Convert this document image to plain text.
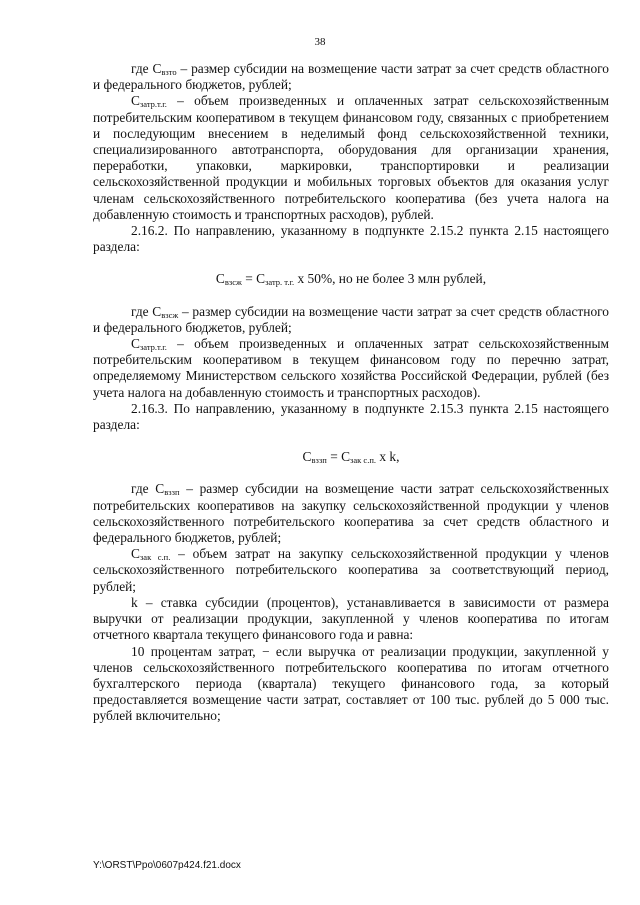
38

где $С_{взто}$ – размер субсидии на возмещение части затрат за счет средств областного и федерального бюджетов, рублей;

$С_{затр.т.г.}$ – объем произведенных и оплаченных затрат сельскохозяйственным потребительским кооперативом в текущем финансовом году, связанных с приобретением и последующим внесением в неделимый фонд сельскохозяйственной техники, специализированного автотранспорта, оборудования для организации хранения, переработки, упаковки, маркировки, транспортировки и реализации сельскохозяйственной продукции и мобильных торговых объектов для оказания услуг членам сельскохозяйственного потребительского кооператива (без учета налога на добавленную стоимость и транспортных расходов), рублей.

2.16.2. По направлению, указанному в подпункте 2.15.2 пункта 2.15 настоящего раздела:

$С_{взсж} = С_{затр. т.г.}$ х 50%, но не более 3 млн рублей,

где $С_{взсж}$ – размер субсидии на возмещение части затрат за счет средств областного и федерального бюджетов, рублей;

$С_{затр.т.г.}$ – объем произведенных и оплаченных затрат сельскохозяйственным потребительским кооперативом в текущем финансовом году по перечню затрат, определяемому Министерством сельского хозяйства Российской Федерации, рублей (без учета налога на добавленную стоимость и транспортных расходов).

2.16.3. По направлению, указанному в подпункте 2.15.3 пункта 2.15 настоящего раздела:

$С_{вззп} = С_{зак с.п.}$ х k,

где $С_{вззп}$ – размер субсидии на возмещение части затрат сельскохозяйственных потребительских кооперативов на закупку сельскохозяйственной продукции у членов сельскохозяйственного потребительского кооператива за счет средств областного и федерального бюджетов, рублей;

$С_{зак с.п.}$ – объем затрат на закупку сельскохозяйственной продукции у членов сельскохозяйственного потребительского кооператива за соответствующий период, рублей;

k – ставка субсидии (процентов), устанавливается в зависимости от размера выручки от реализации продукции, закупленной у членов кооператива по итогам отчетного квартала текущего финансового года и равна:

10 процентам затрат, − если выручка от реализации продукции, закупленной у членов сельскохозяйственного потребительского кооператива по итогам отчетного бухгалтерского периода (квартала) текущего финансового года, за который предоставляется возмещение части затрат, составляет от 100 тыс. рублей до 5 000 тыс. рублей включительно;

Y:\ORST\Ppo\0607p424.f21.docx
